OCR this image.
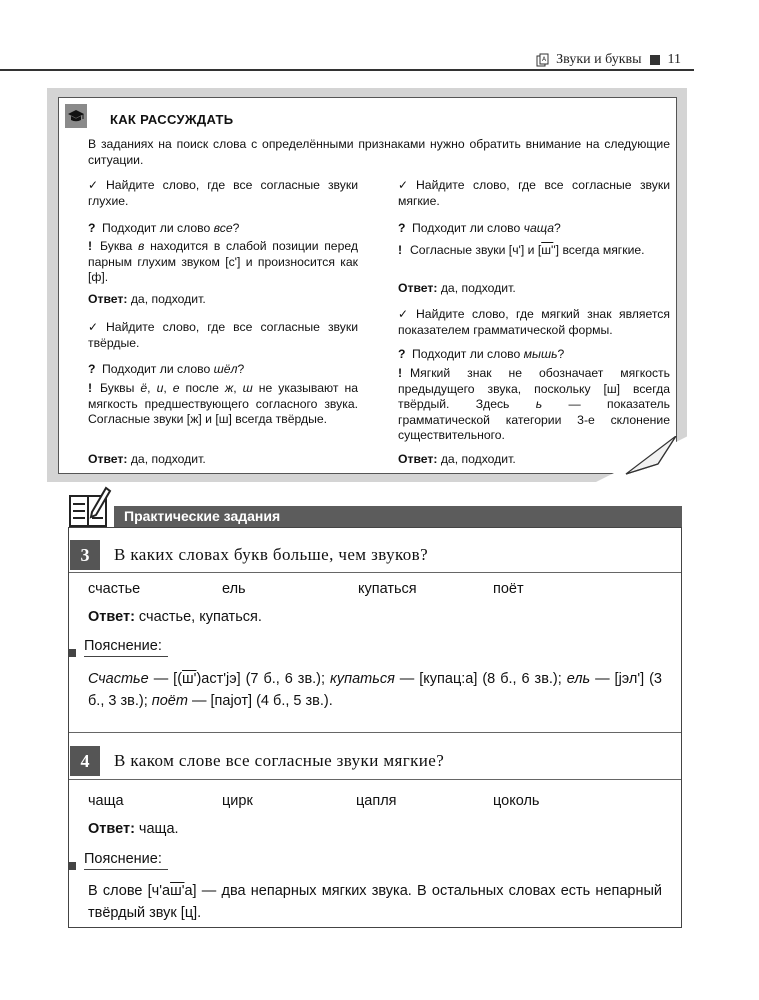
A Звуки и буквы 11
КАК РАССУЖДАТЬ
В заданиях на поиск слова с определёнными признаками нужно обратить внимание на следующие ситуации.
✓ Найдите слово, где все согласные звуки глухие.
? Подходит ли слово все?
! Буква в находится в слабой позиции перед парным глухим звуком [с'] и произносится как [ф].
Ответ: да, подходит.
✓ Найдите слово, где все согласные звуки твёрдые.
? Подходит ли слово шёл?
! Буквы ё, и, е после ж, ш не указывают на мягкость предшествующего согласного звука. Согласные звуки [ж] и [ш] всегда твёрдые.
Ответ: да, подходит.
✓ Найдите слово, где все согласные звуки мягкие.
? Подходит ли слово чаща?
! Согласные звуки [ч'] и [ш''] всегда мягкие.
Ответ: да, подходит.
✓ Найдите слово, где мягкий знак является показателем грамматической формы.
? Подходит ли слово мышь?
! Мягкий знак не обозначает мягкость предыдущего звука, поскольку [ш] всегда твёрдый. Здесь ь — показатель грамматической категории 3-е склонение существительного.
Ответ: да, подходит.
Практические задания
3	В каких словах букв больше, чем звуков?
счастье	ель	купаться	поёт
Ответ: счастье, купаться.
Пояснение:
Счастье — [(ш')аст'jэ] (7 б., 6 зв.); купаться — [купац:а] (8 б., 6 зв.); ель — [jэл'] (3 б., 3 зв.); поёт — [паjот] (4 б., 5 зв.).
4	В каком слове все согласные звуки мягкие?
чаща	цирк	цапля	цоколь
Ответ: чаща.
Пояснение:
В слове [ч'аш'а] — два непарных мягких звука. В остальных словах есть непарный твёрдый звук [ц].
